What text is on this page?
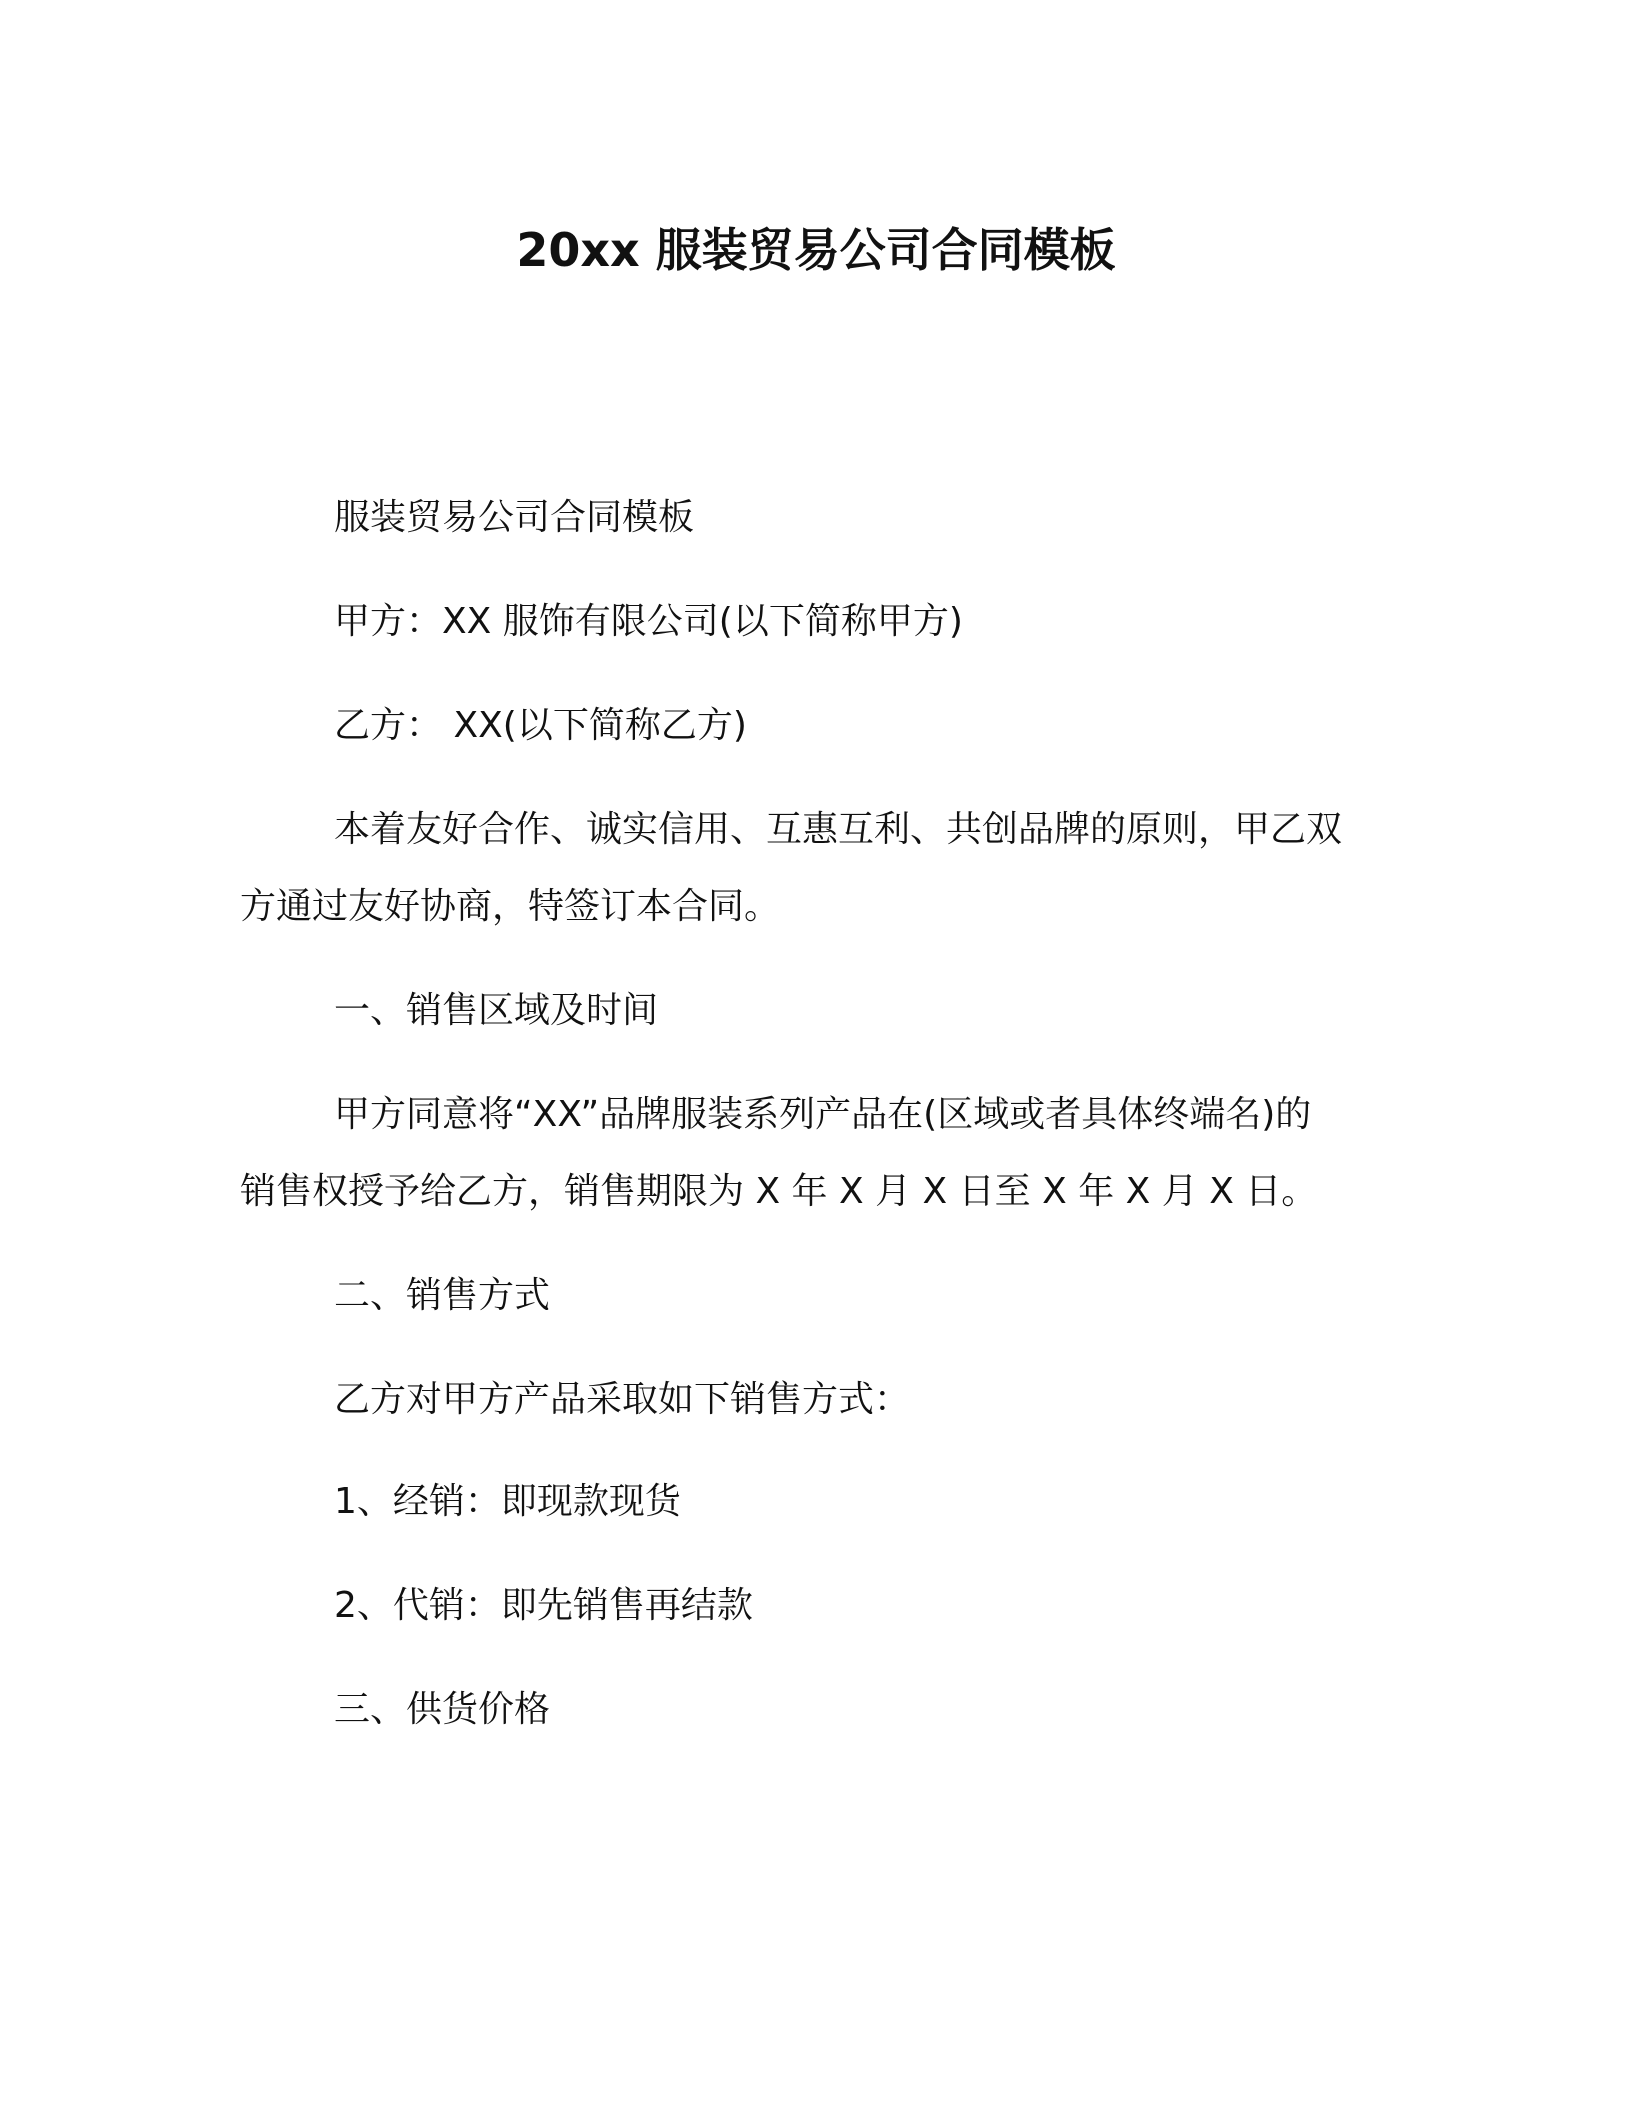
20xx 服装贸易公司合同模板
服装贸易公司合同模板
甲方：XX 服饰有限公司(以下简称甲方)
乙方： XX(以下简称乙方)
本着友好合作、诚实信用、互惠互利、共创品牌的原则，甲乙双
方通过友好协商，特签订本合同。
一、销售区域及时间
甲方同意将“XX”品牌服装系列产品在(区域或者具体终端名)的
销售权授予给乙方，销售期限为 X 年 X 月 X 日至 X 年 X 月 X 日。
二、销售方式
乙方对甲方产品采取如下销售方式：
1、经销：即现款现货
2、代销：即先销售再结款
三、供货价格
